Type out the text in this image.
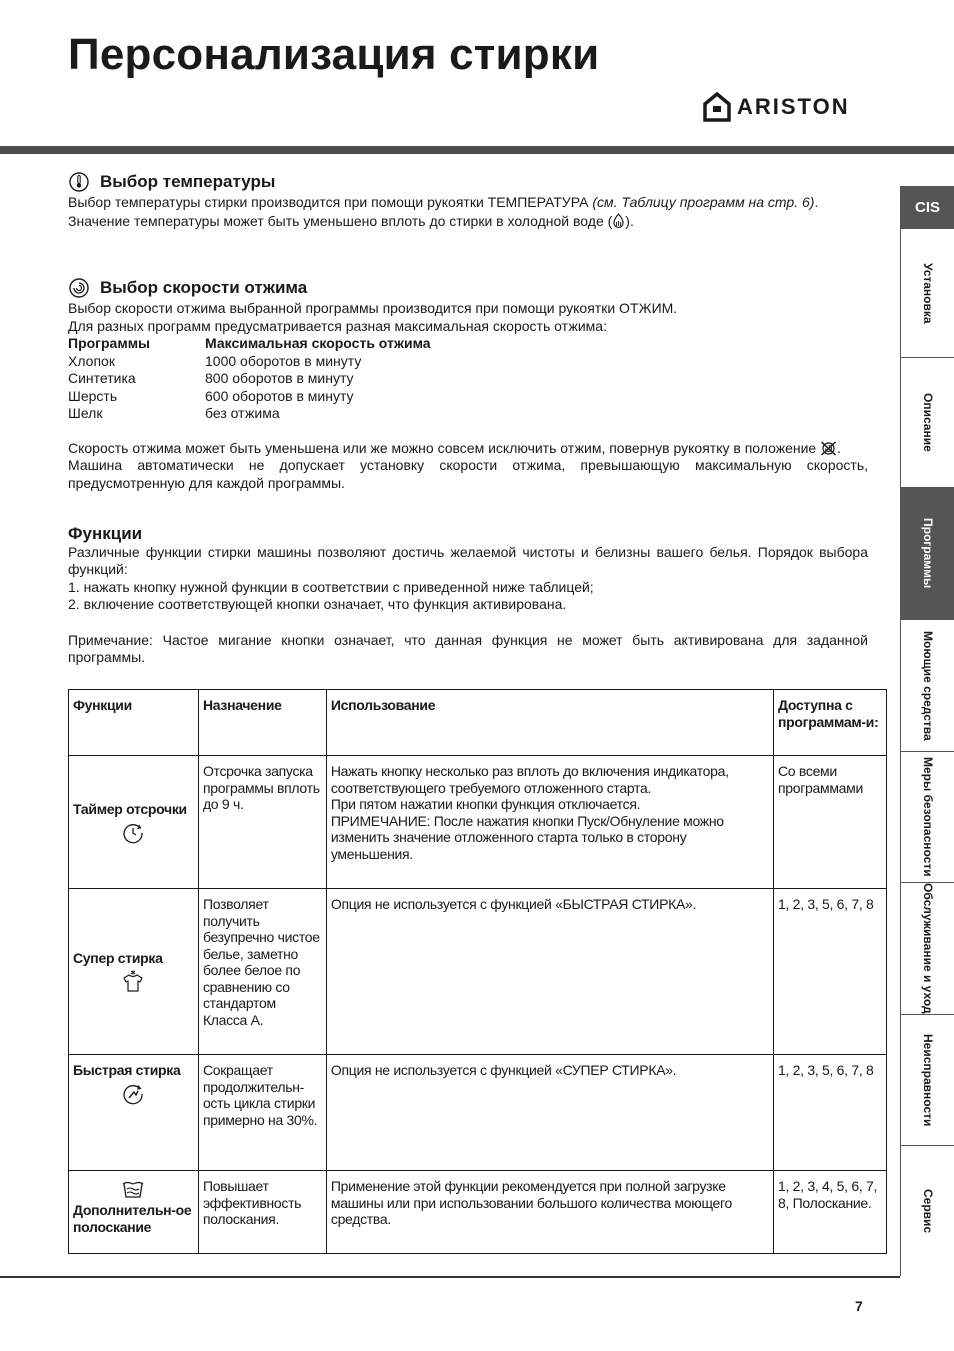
Персонализация стирки
ARISTON
CIS
Установка
Описание
Программы
Моющие средства
Меры безопасности
Обслуживание и уход
Неисправности
Сервис
Выбор температуры

Выбор температуры стирки производится при помощи рукоятки ТЕМПЕРАТУРА (см. Таблицу программ на стр. 6).

Значение температуры может быть уменьшено вплоть до стирки в холодной воде ( ).

Выбор скорости отжима

Выбор скорости отжима выбранной программы производится при помощи рукоятки ОТЖИМ.

Для разных программ предусматривается разная максимальная скорость отжима:

Программы	Максимальная скорость отжима
Хлопок	1000 оборотов в минуту
Синтетика	800 оборотов в минуту
Шерсть	600 оборотов в минуту
Шелк	без отжима

Скорость отжима может быть уменьшена или же можно совсем исключить отжим, повернув рукоятку в положение .

Машина автоматически не допускает установку скорости отжима, превышающую максимальную скорость, предусмотренную для каждой программы.

Функции

Различные функции стирки машины позволяют достичь желаемой чистоты и белизны вашего белья. Порядок выбора функций:

1. нажать кнопку нужной функции в соответствии с приведенной ниже таблицей;

2. включение соответствующей кнопки означает, что функция активирована.

Примечание: Частое мигание кнопки означает, что данная функция не может быть активирована для заданной программы.

Функции	Назначение	Использование	Доступна с программам-и:

Таймер отсрочки	Отсрочка запуска программы вплоть до 9 ч.	Нажать кнопку несколько раз вплоть до включения индикатора, соответствующего требуемого отложенного старта.
При пятом нажатии кнопки функция отключается.
ПРИМЕЧАНИЕ: После нажатия кнопки Пуск/Обнуление можно изменить значение отложенного старта только в сторону уменьшения.	Со всеми программами

Супер стирка	Позволяет получить безупречно чистое белье, заметно более белое по сравнению со стандартом Класса А.	Опция не используется с функцией «БЫСТРАЯ СТИРКА».	1, 2, 3, 5, 6, 7, 8

Быстрая стирка	Сокращает продолжительн-ость цикла стирки примерно на 30%.	Опция не используется с функцией «СУПЕР СТИРКА».	1, 2, 3, 5, 6, 7, 8

Дополнительн-ое полоскание	Повышает эффективность полоскания.	Применение этой функции рекомендуется при полной загрузке машины или при использовании большого количества моющего средства.	1, 2, 3, 4, 5, 6, 7, 8, Полоскание.
7
